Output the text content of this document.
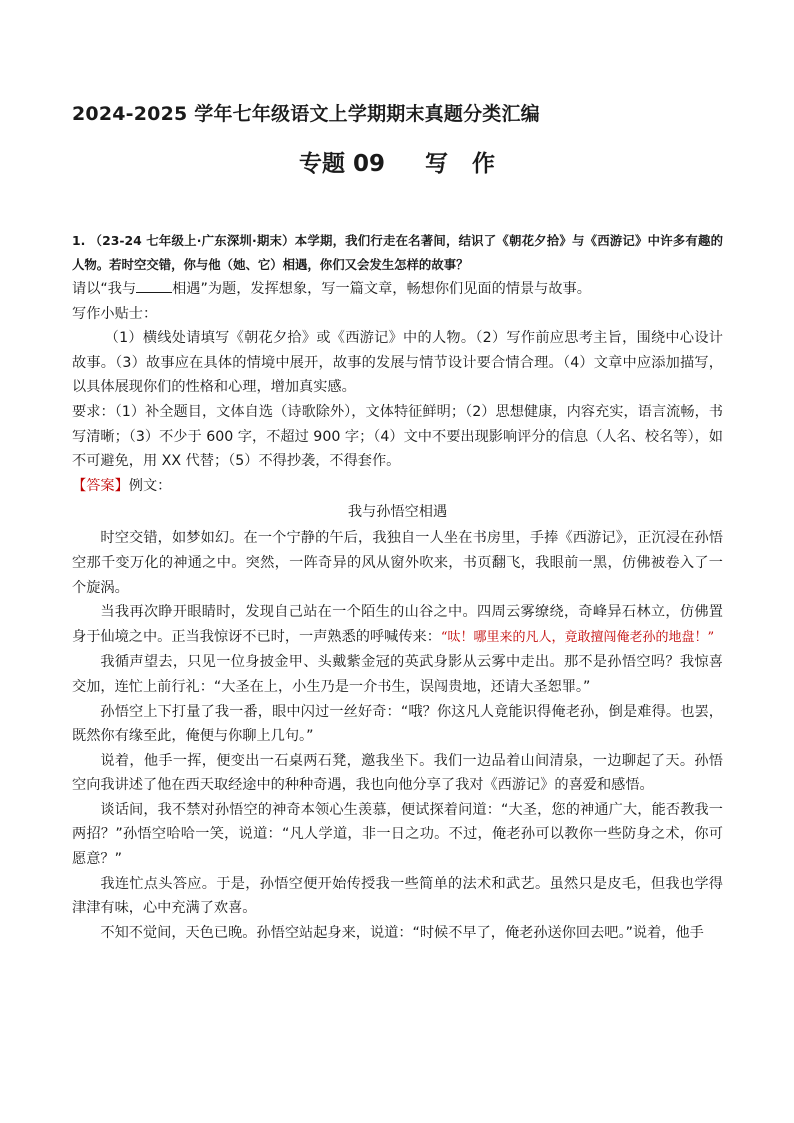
2024-2025 学年七年级语文上学期期末真题分类汇编
专题 09     写   作

1. （23-24 七年级上·广东深圳·期末）本学期，我们行走在名著间，结识了《朝花夕拾》与《西游记》中许多有趣的人物。若时空交错，你与他（她、它）相遇，你们又会发生怎样的故事？

请以“我与	相遇”为题，发挥想象，写一篇文章，畅想你们见面的情景与故事。

写作小贴士：

（1）横线处请填写《朝花夕拾》或《西游记》中的人物。（2）写作前应思考主旨，围绕中心设计故事。（3）故事应在具体的情境中展开，故事的发展与情节设计要合情合理。（4）文章中应添加描写，以具体展现你们的性格和心理，增加真实感。

要求：（1）补全题目，文体自选（诗歌除外），文体特征鲜明；（2）思想健康，内容充实，语言流畅，书写清晰；（3）不少于 600 字，不超过 900 字；（4）文中不要出现影响评分的信息（人名、校名等），如不可避免，用 XX 代替；（5）不得抄袭，不得套作。

【答案】例文：

我与孙悟空相遇

时空交错，如梦如幻。在一个宁静的午后，我独自一人坐在书房里，手捧《西游记》，正沉浸在孙悟空那千变万化的神通之中。突然，一阵奇异的风从窗外吹来，书页翻飞，我眼前一黑，仿佛被卷入了一个旋涡。

当我再次睁开眼睛时，发现自己站在一个陌生的山谷之中。四周云雾缭绕，奇峰异石林立，仿佛置身于仙境之中。正当我惊讶不已时，一声熟悉的呼喊传来：“呔！哪里来的凡人，竟敢擅闯俺老孙的地盘！”

我循声望去，只见一位身披金甲、头戴紫金冠的英武身影从云雾中走出。那不是孙悟空吗？我惊喜交加，连忙上前行礼：“大圣在上，小生乃是一介书生，误闯贵地，还请大圣恕罪。”

孙悟空上下打量了我一番，眼中闪过一丝好奇：“哦？你这凡人竟能识得俺老孙，倒是难得。也罢，既然你有缘至此，俺便与你聊上几句。”

说着，他手一挥，便变出一石桌两石凳，邀我坐下。我们一边品着山间清泉，一边聊起了天。孙悟空向我讲述了他在西天取经途中的种种奇遇，我也向他分享了我对《西游记》的喜爱和感悟。

谈话间，我不禁对孙悟空的神奇本领心生羡慕，便试探着问道：“大圣，您的神通广大，能否教我一两招？”孙悟空哈哈一笑，说道：“凡人学道，非一日之功。不过，俺老孙可以教你一些防身之术，你可愿意？”

我连忙点头答应。于是，孙悟空便开始传授我一些简单的法术和武艺。虽然只是皮毛，但我也学得津津有味，心中充满了欢喜。

不知不觉间，天色已晚。孙悟空站起身来，说道：“时候不早了，俺老孙送你回去吧。”说着，他手
